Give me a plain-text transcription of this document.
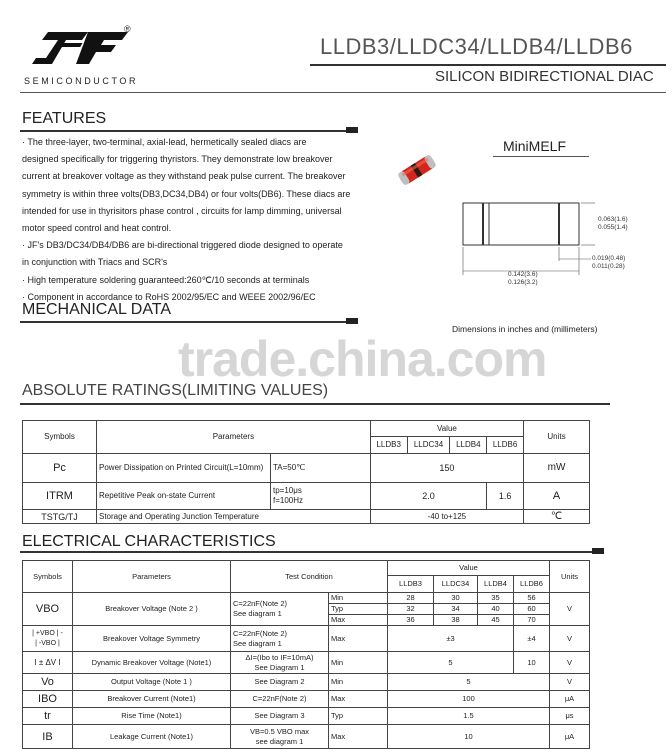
®
SEMICONDUCTOR
LLDB3/LLDC34/LLDB4/LLDB6
SILICON BIDIRECTIONAL DIAC
FEATURES

· The three-layer, two-terminal, axial-lead, hermetically sealed diacs are

designed specifically for triggering thyristors. They demonstrate low breakover

current at breakover voltage as they withstand peak pulse current. The breakover

symmetry is within three volts(DB3,DC34,DB4) or four volts(DB6). These diacs are

intended for use in thyrisitors phase control , circuits for lamp dimming, universal

motor speed control and heat control.

· JF's DB3/DC34/DB4/DB6 are bi-directional triggered diode designed to operate

in conjunction with Triacs and SCR's

· High temperature soldering guaranteed:260℃/10 seconds at terminals

· Component in accordance to RoHS 2002/95/EC and WEEE 2002/96/EC

MiniMELF
0.063(1.6)
0.055(1.4)
0.019(0.48)
0.011(0.28)
0.142(3.6)
0.126(3.2)
Dimensions in inches and (millimeters)
MECHANICAL DATA
trade.china.com
ABSOLUTE RATINGS(LIMITING VALUES)
Symbols	Parameters		Value				Units
			LLDB3	LLDC34	LLDB4	LLDB6	
Pc	Power Dissipation on Printed Circuit(L=10mm)	TA=50℃	150				mW
ITRM	Repetitive Peak on-state Current	tp=10μs
f=100Hz	2.0			1.6	A
TSTG/TJ	Storage and Operating Junction Temperature		-40 to+125				℃
ELECTRICAL CHARACTERISTICS
Symbols	Parameters	Test Condition		Value				Units
				LLDB3	LLDC34	LLDB4	LLDB6	
VBO	Breakover Voltage (Note 2 )	C=22nF(Note 2)
See diagram 1	Min	28	30	35	56	V
			Typ	32	34	40	60	
			Max	36	38	45	70	
| +VBO | -
| -VBO |	Breakover Voltage Symmetry	C=22nF(Note 2)
See diagram 1	Max	±3			±4	V
I ± ΔV I	Dynamic Breakover Voltage (Note1)	ΔI=(Ibo to IF=10mA)
See Diagram 1	Min	5			10	V
Vo	Output Voltage (Note 1 )	See Diagram 2	Min	5				V
IBO	Breakover Current (Note1)	C=22nF(Note 2)	Max	100				μA
tr	Rise Time (Note1)	See Diagram 3	Typ	1.5				μs
IB	Leakage Current (Note1)	VB=0.5 VBO max
see diagram 1	Max	10				μA
